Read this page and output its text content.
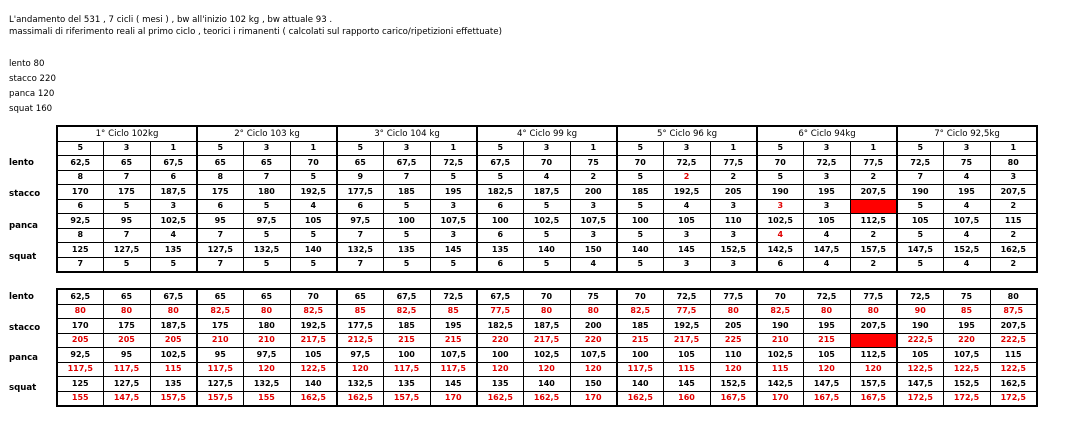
L'andamento del 531 , 7 cicli ( mesi ) , bw all'inizio 102 kg , bw attuale 93 .
massimali di riferimento reali al primo ciclo , teorici i rimanenti ( calcolati sul rapporto carico/ripetizioni effettuate)
lento 80
stacco 220
panca 120
squat 160
lento
stacco
panca
squat
lento
stacco
panca
squat
1° Ciclo 102kg			2° Ciclo 103 kg			3° Ciclo 104 kg			4° Ciclo 99 kg			5° Ciclo 96 kg			6° Ciclo 94kg			7° Ciclo 92,5kg		
5	3	1	5	3	1	5	3	1	5	3	1	5	3	1	5	3	1	5	3	1
62,5	65	67,5	65	65	70	65	67,5	72,5	67,5	70	75	70	72,5	77,5	70	72,5	77,5	72,5	75	80
8	7	6	8	7	5	9	7	5	5	4	2	5	2	2	5	3	2	7	4	3
170	175	187,5	175	180	192,5	177,5	185	195	182,5	187,5	200	185	192,5	205	190	195	207,5	190	195	207,5
6	5	3	6	5	4	6	5	3	6	5	3	5	4	3	3	3		5	4	2
92,5	95	102,5	95	97,5	105	97,5	100	107,5	100	102,5	107,5	100	105	110	102,5	105	112,5	105	107,5	115
8	7	4	7	5	5	7	5	3	6	5	3	5	3	3	4	4	2	5	4	2
125	127,5	135	127,5	132,5	140	132,5	135	145	135	140	150	140	145	152,5	142,5	147,5	157,5	147,5	152,5	162,5
7	5	5	7	5	5	7	5	5	6	5	4	5	3	3	6	4	2	5	4	2
62,5	65	67,5	65	65	70	65	67,5	72,5	67,5	70	75	70	72,5	77,5	70	72,5	77,5	72,5	75	80
80	80	80	82,5	80	82,5	85	82,5	85	77,5	80	80	82,5	77,5	80	82,5	80	80	90	85	87,5
170	175	187,5	175	180	192,5	177,5	185	195	182,5	187,5	200	185	192,5	205	190	195	207,5	190	195	207,5
205	205	205	210	210	217,5	212,5	215	215	220	217,5	220	215	217,5	225	210	215		222,5	220	222,5
92,5	95	102,5	95	97,5	105	97,5	100	107,5	100	102,5	107,5	100	105	110	102,5	105	112,5	105	107,5	115
117,5	117,5	115	117,5	120	122,5	120	117,5	117,5	120	120	120	117,5	115	120	115	120	120	122,5	122,5	122,5
125	127,5	135	127,5	132,5	140	132,5	135	145	135	140	150	140	145	152,5	142,5	147,5	157,5	147,5	152,5	162,5
155	147,5	157,5	157,5	155	162,5	162,5	157,5	170	162,5	162,5	170	162,5	160	167,5	170	167,5	167,5	172,5	172,5	172,5
